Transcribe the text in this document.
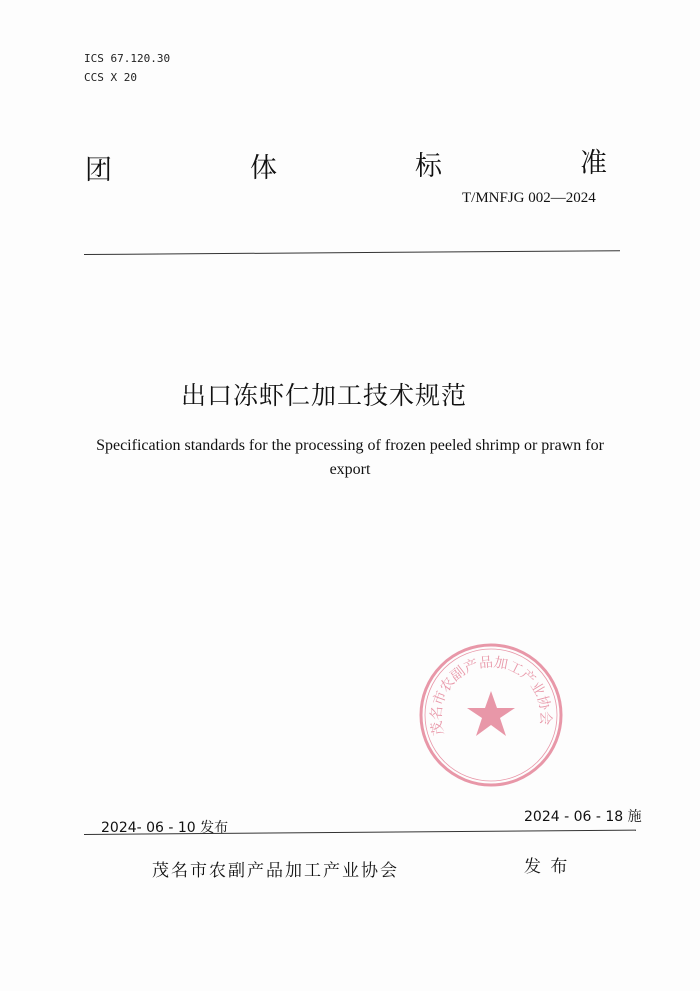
ICS 67.120.30
CCS X 20
团	体	标	准
T/MNFJG 002—2024
出口冻虾仁加工技术规范
Specification standards for the processing of frozen peeled shrimp or prawn for
export
茂名市农副产品加工产业协会
2024- 06 - 10 发布
2024 - 06 - 18 施
茂名市农副产品加工产业协会	发 布
